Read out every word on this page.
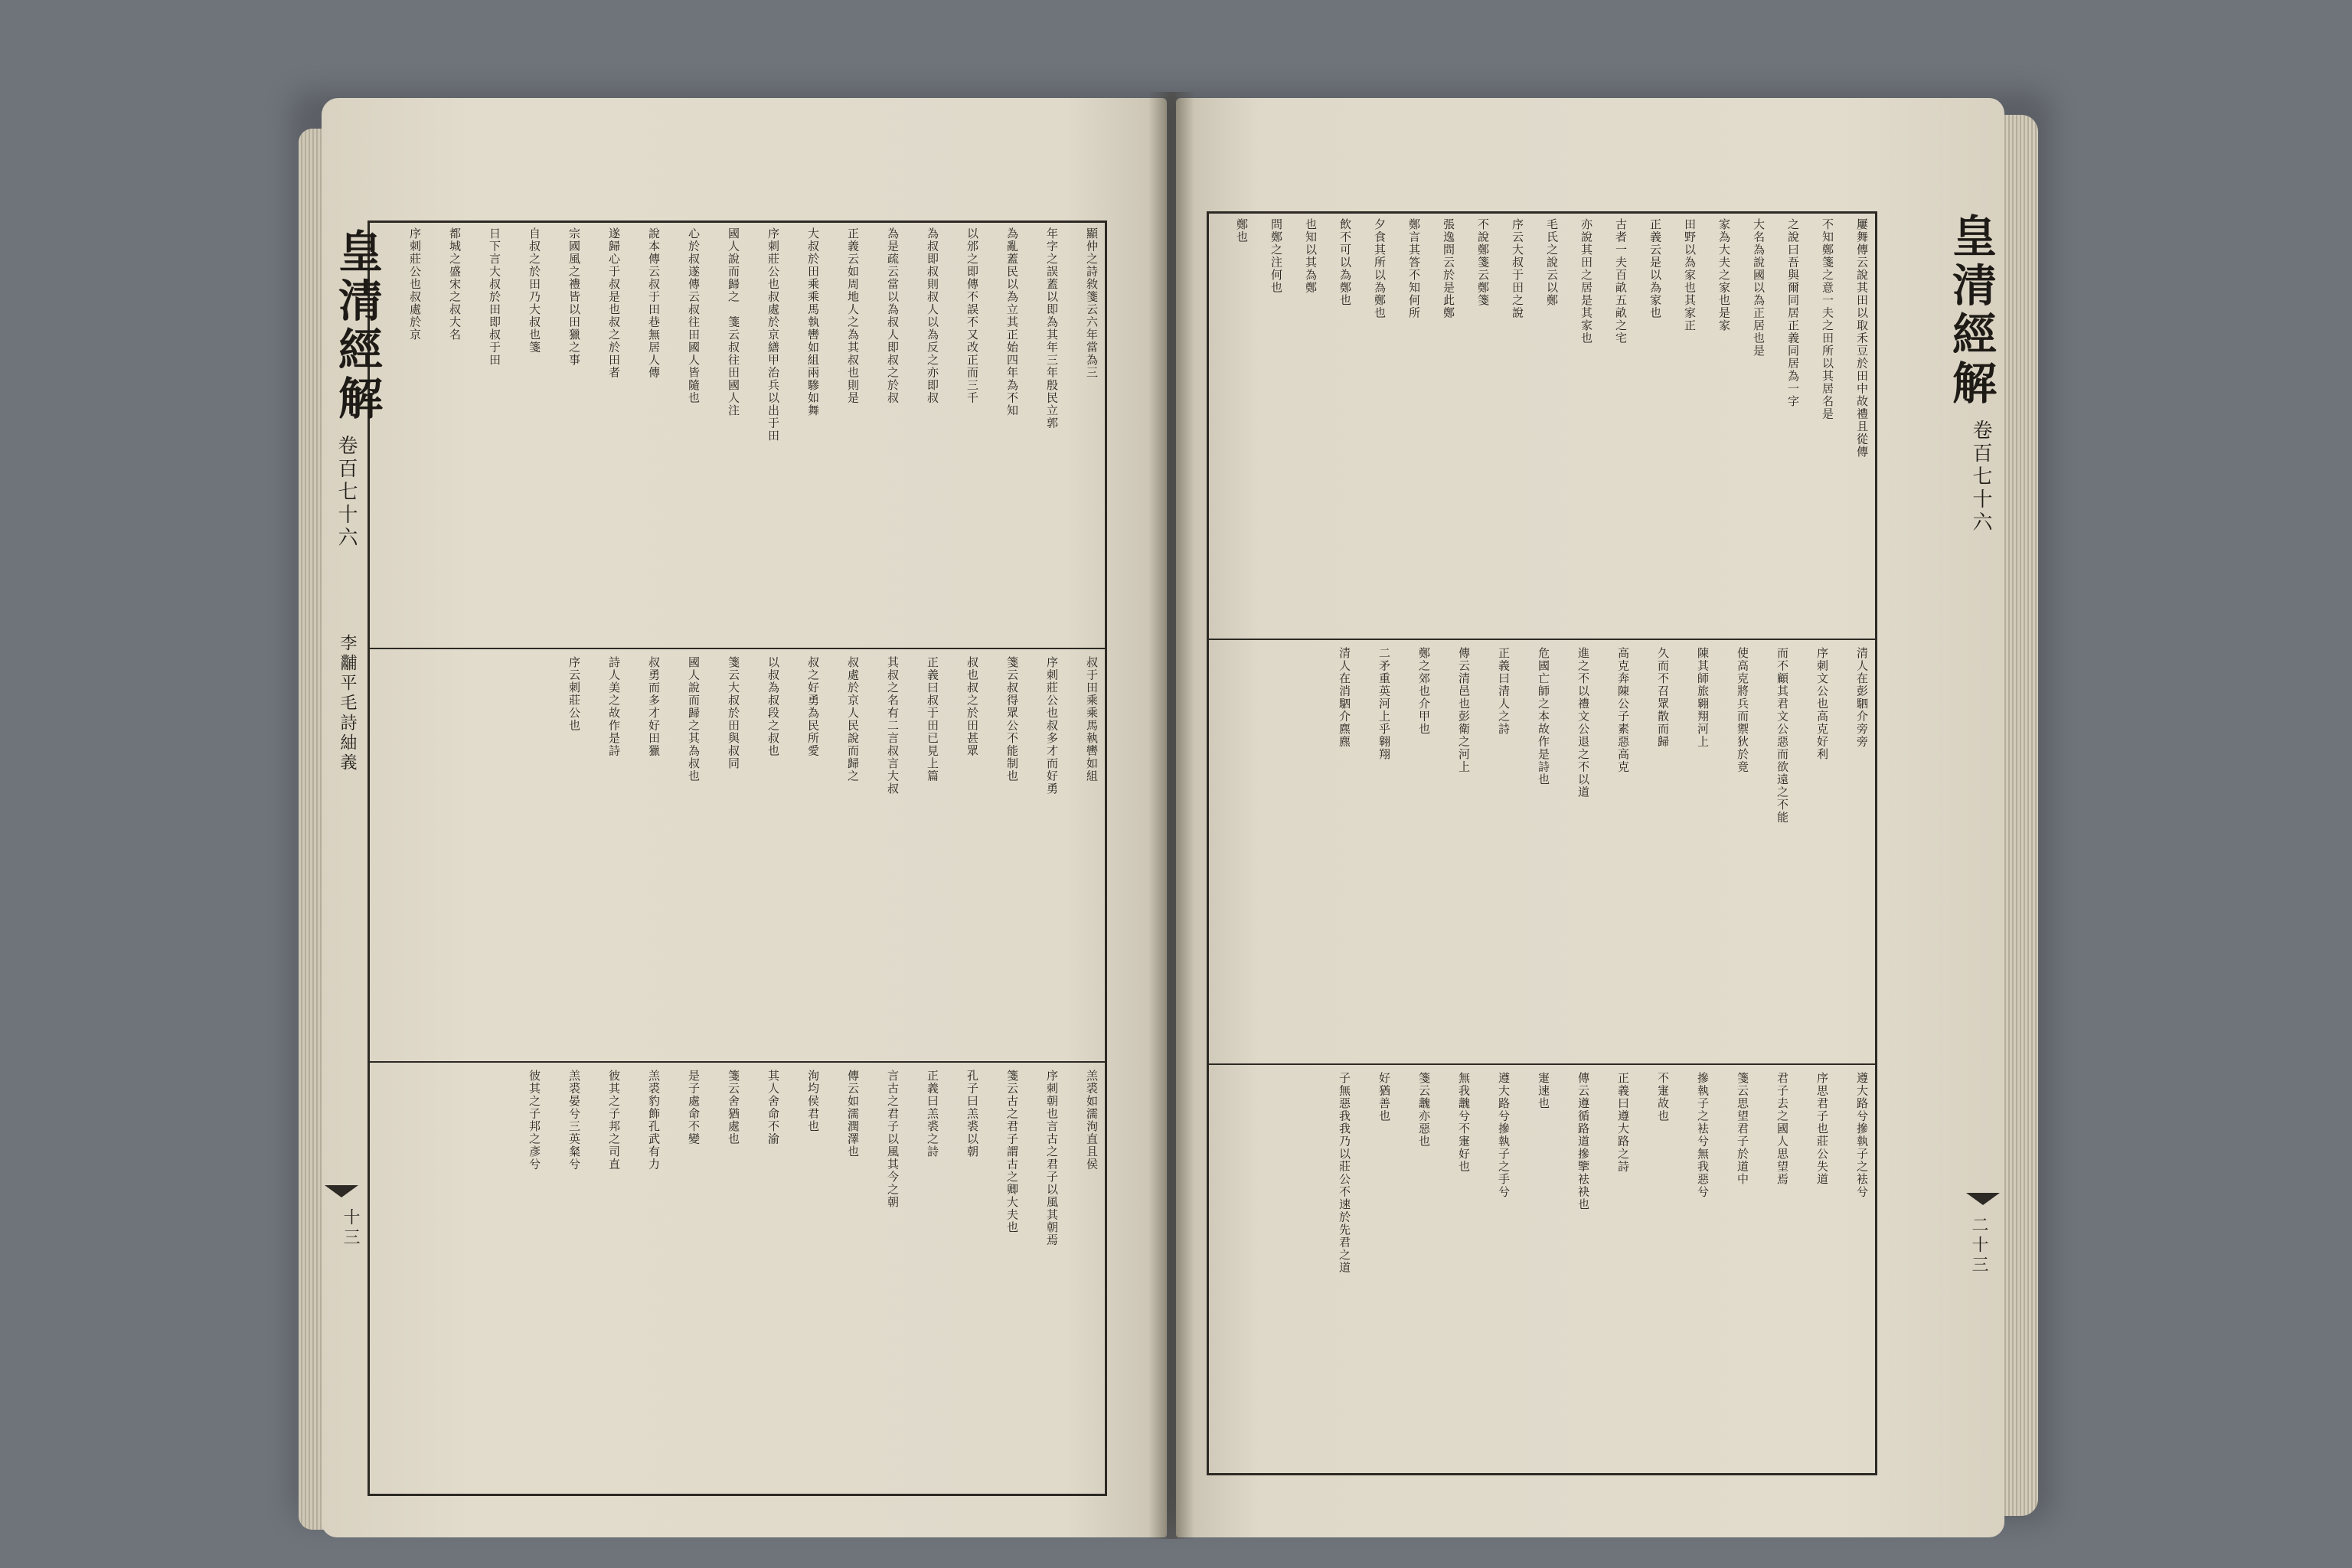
顯仲之詩敘箋云六年當為三
年字之誤蓋以即為其年三年殷民立郭
為亂蓋民以為立其正始四年為不知
以邠之即傳不誤不又改正而三千
為叔即叔則叔人以為反之亦即叔
為是疏云當以為叔人即叔之於叔
正義云如周地人之為其叔也則是
大叔於田乘乘馬執轡如組兩驂如舞
序刺莊公也叔處於京繕甲治兵以出于田
國人說而歸之　箋云叔往田國人注
心於叔遂傳云叔往田國人皆隨也
說本傳云叔于田巷無居人傳
遂歸心于叔是也叔之於田者
宗國風之禮皆以田獵之事
自叔之於田乃大叔也箋
日下言大叔於田即叔于田
都城之盛宋之叔大名
序刺莊公也叔處於京
叔于田乘乘馬執轡如組
序刺莊公也叔多才而好勇
箋云叔得眾公不能制也
叔也叔之於田甚眾
正義曰叔于田已見上篇
其叔之名有二言叔言大叔
叔處於京人民說而歸之
叔之好勇為民所愛
以叔為叔段之叔也
箋云大叔於田與叔同
國人說而歸之其為叔也
叔勇而多才好田獵
詩人美之故作是詩
序云刺莊公也
羔裘如濡洵直且侯
序刺朝也言古之君子以風其朝焉
箋云古之君子謂古之卿大夫也
孔子曰羔裘以朝
正義曰羔裘之詩
言古之君子以風其今之朝
傳云如濡潤澤也
洵均侯君也
其人舍命不渝
箋云舍猶處也
是子處命不變
羔裘豹飾孔武有力
彼其之子邦之司直
羔裘晏兮三英粲兮
彼其之子邦之彥兮
皇清經解
卷百七十六
李黼平毛詩紬義
十三
屢舞傳云說其田以取禾豆於田中故禮且從傳
不知鄭箋之意一夫之田所以其居名是
之說曰吾與爾同居正義同居為一字
大名為說國以為正居也是
家為大夫之家也是家
田野以為家也其家正
正義云是以為家也
古者一夫百畝五畝之宅
亦說其田之居是其家也
毛氏之說云以鄭
序云大叔于田之說
不說鄭箋云鄭箋
張逸問云於是此鄭
鄭言其答不知何所
夕食其所以為鄭也
飲不可以為鄭也
也知以其為鄭
問鄭之注何也
鄭也
清人在彭駟介旁旁
序刺文公也高克好利
而不顧其君文公惡而欲遠之不能
使高克將兵而禦狄於竟
陳其師旅翱翔河上
久而不召眾散而歸
高克奔陳公子素惡高克
進之不以禮文公退之不以道
危國亡師之本故作是詩也
正義曰清人之詩
傳云清邑也彭衛之河上
鄭之郊也介甲也
二矛重英河上乎翱翔
清人在消駟介麃麃
遵大路兮摻執子之袪兮
序思君子也莊公失道
君子去之國人思望焉
箋云思望君子於道中
摻執子之袪兮無我惡兮
不寁故也
正義曰遵大路之詩
傳云遵循路道摻擥袪袂也
寁速也
遵大路兮摻執子之手兮
無我魗兮不寁好也
箋云魗亦惡也
好猶善也
子無惡我我乃以莊公不速於先君之道
皇清經解
卷百七十六
二十三
